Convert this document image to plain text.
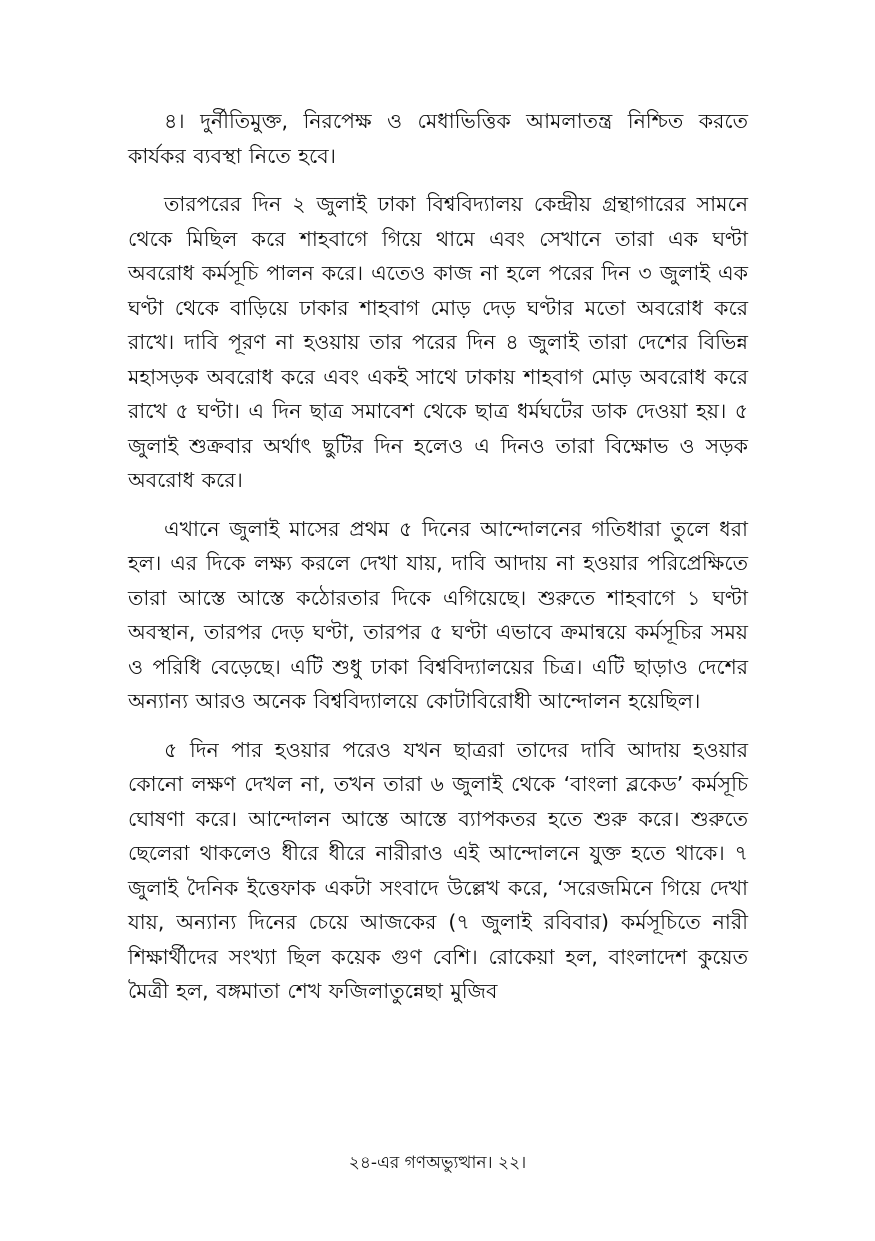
৪। দুর্নীতিমুক্ত, নিরপেক্ষ ও মেধাভিত্তিক আমলাতন্ত্র নিশ্চিত করতে কার্যকর ব্যবস্থা নিতে হবে।

তারপরের দিন ২ জুলাই ঢাকা বিশ্ববিদ্যালয় কেন্দ্রীয় গ্রন্থাগারের সামনে থেকে মিছিল করে শাহবাগে গিয়ে থামে এবং সেখানে তারা এক ঘণ্টা অবরোধ কর্মসূচি পালন করে। এতেও কাজ না হলে পরের দিন ৩ জুলাই এক ঘণ্টা থেকে বাড়িয়ে ঢাকার শাহবাগ মোড় দেড় ঘণ্টার মতো অবরোধ করে রাখে। দাবি পূরণ না হওয়ায় তার পরের দিন ৪ জুলাই তারা দেশের বিভিন্ন মহাসড়ক অবরোধ করে এবং একই সাথে ঢাকায় শাহবাগ মোড় অবরোধ করে রাখে ৫ ঘণ্টা। এ দিন ছাত্র সমাবেশ থেকে ছাত্র ধর্মঘটের ডাক দেওয়া হয়। ৫ জুলাই শুক্রবার অর্থাৎ ছুটির দিন হলেও এ দিনও তারা বিক্ষোভ ও সড়ক অবরোধ করে।

এখানে জুলাই মাসের প্রথম ৫ দিনের আন্দোলনের গতিধারা তুলে ধরা হল। এর দিকে লক্ষ্য করলে দেখা যায়, দাবি আদায় না হওয়ার পরিপ্রেক্ষিতে তারা আস্তে আস্তে কঠোরতার দিকে এগিয়েছে। শুরুতে শাহবাগে ১ ঘণ্টা অবস্থান, তারপর দেড় ঘণ্টা, তারপর ৫ ঘণ্টা এভাবে ক্রমান্বয়ে কর্মসূচির সময় ও পরিধি বেড়েছে। এটি শুধু ঢাকা বিশ্ববিদ্যালয়ের চিত্র। এটি ছাড়াও দেশের অন্যান্য আরও অনেক বিশ্ববিদ্যালয়ে কোটাবিরোধী আন্দোলন হয়েছিল।

৫ দিন পার হওয়ার পরেও যখন ছাত্ররা তাদের দাবি আদায় হওয়ার কোনো লক্ষণ দেখল না, তখন তারা ৬ জুলাই থেকে ‘বাংলা ব্লকেড’ কর্মসূচি ঘোষণা করে। আন্দোলন আস্তে আস্তে ব্যাপকতর হতে শুরু করে। শুরুতে ছেলেরা থাকলেও ধীরে ধীরে নারীরাও এই আন্দোলনে যুক্ত হতে থাকে। ৭ জুলাই দৈনিক ইত্তেফাক একটা সংবাদে উল্লেখ করে, ‘সরেজমিনে গিয়ে দেখা যায়, অন্যান্য দিনের চেয়ে আজকের (৭ জুলাই রবিবার) কর্মসূচিতে নারী শিক্ষার্থীদের সংখ্যা ছিল কয়েক গুণ বেশি। রোকেয়া হল, বাংলাদেশ কুয়েত মৈত্রী হল, বঙ্গমাতা শেখ ফজিলাতুন্নেছা মুজিব

২৪-এর গণঅভ্যুত্থান। ২২।
